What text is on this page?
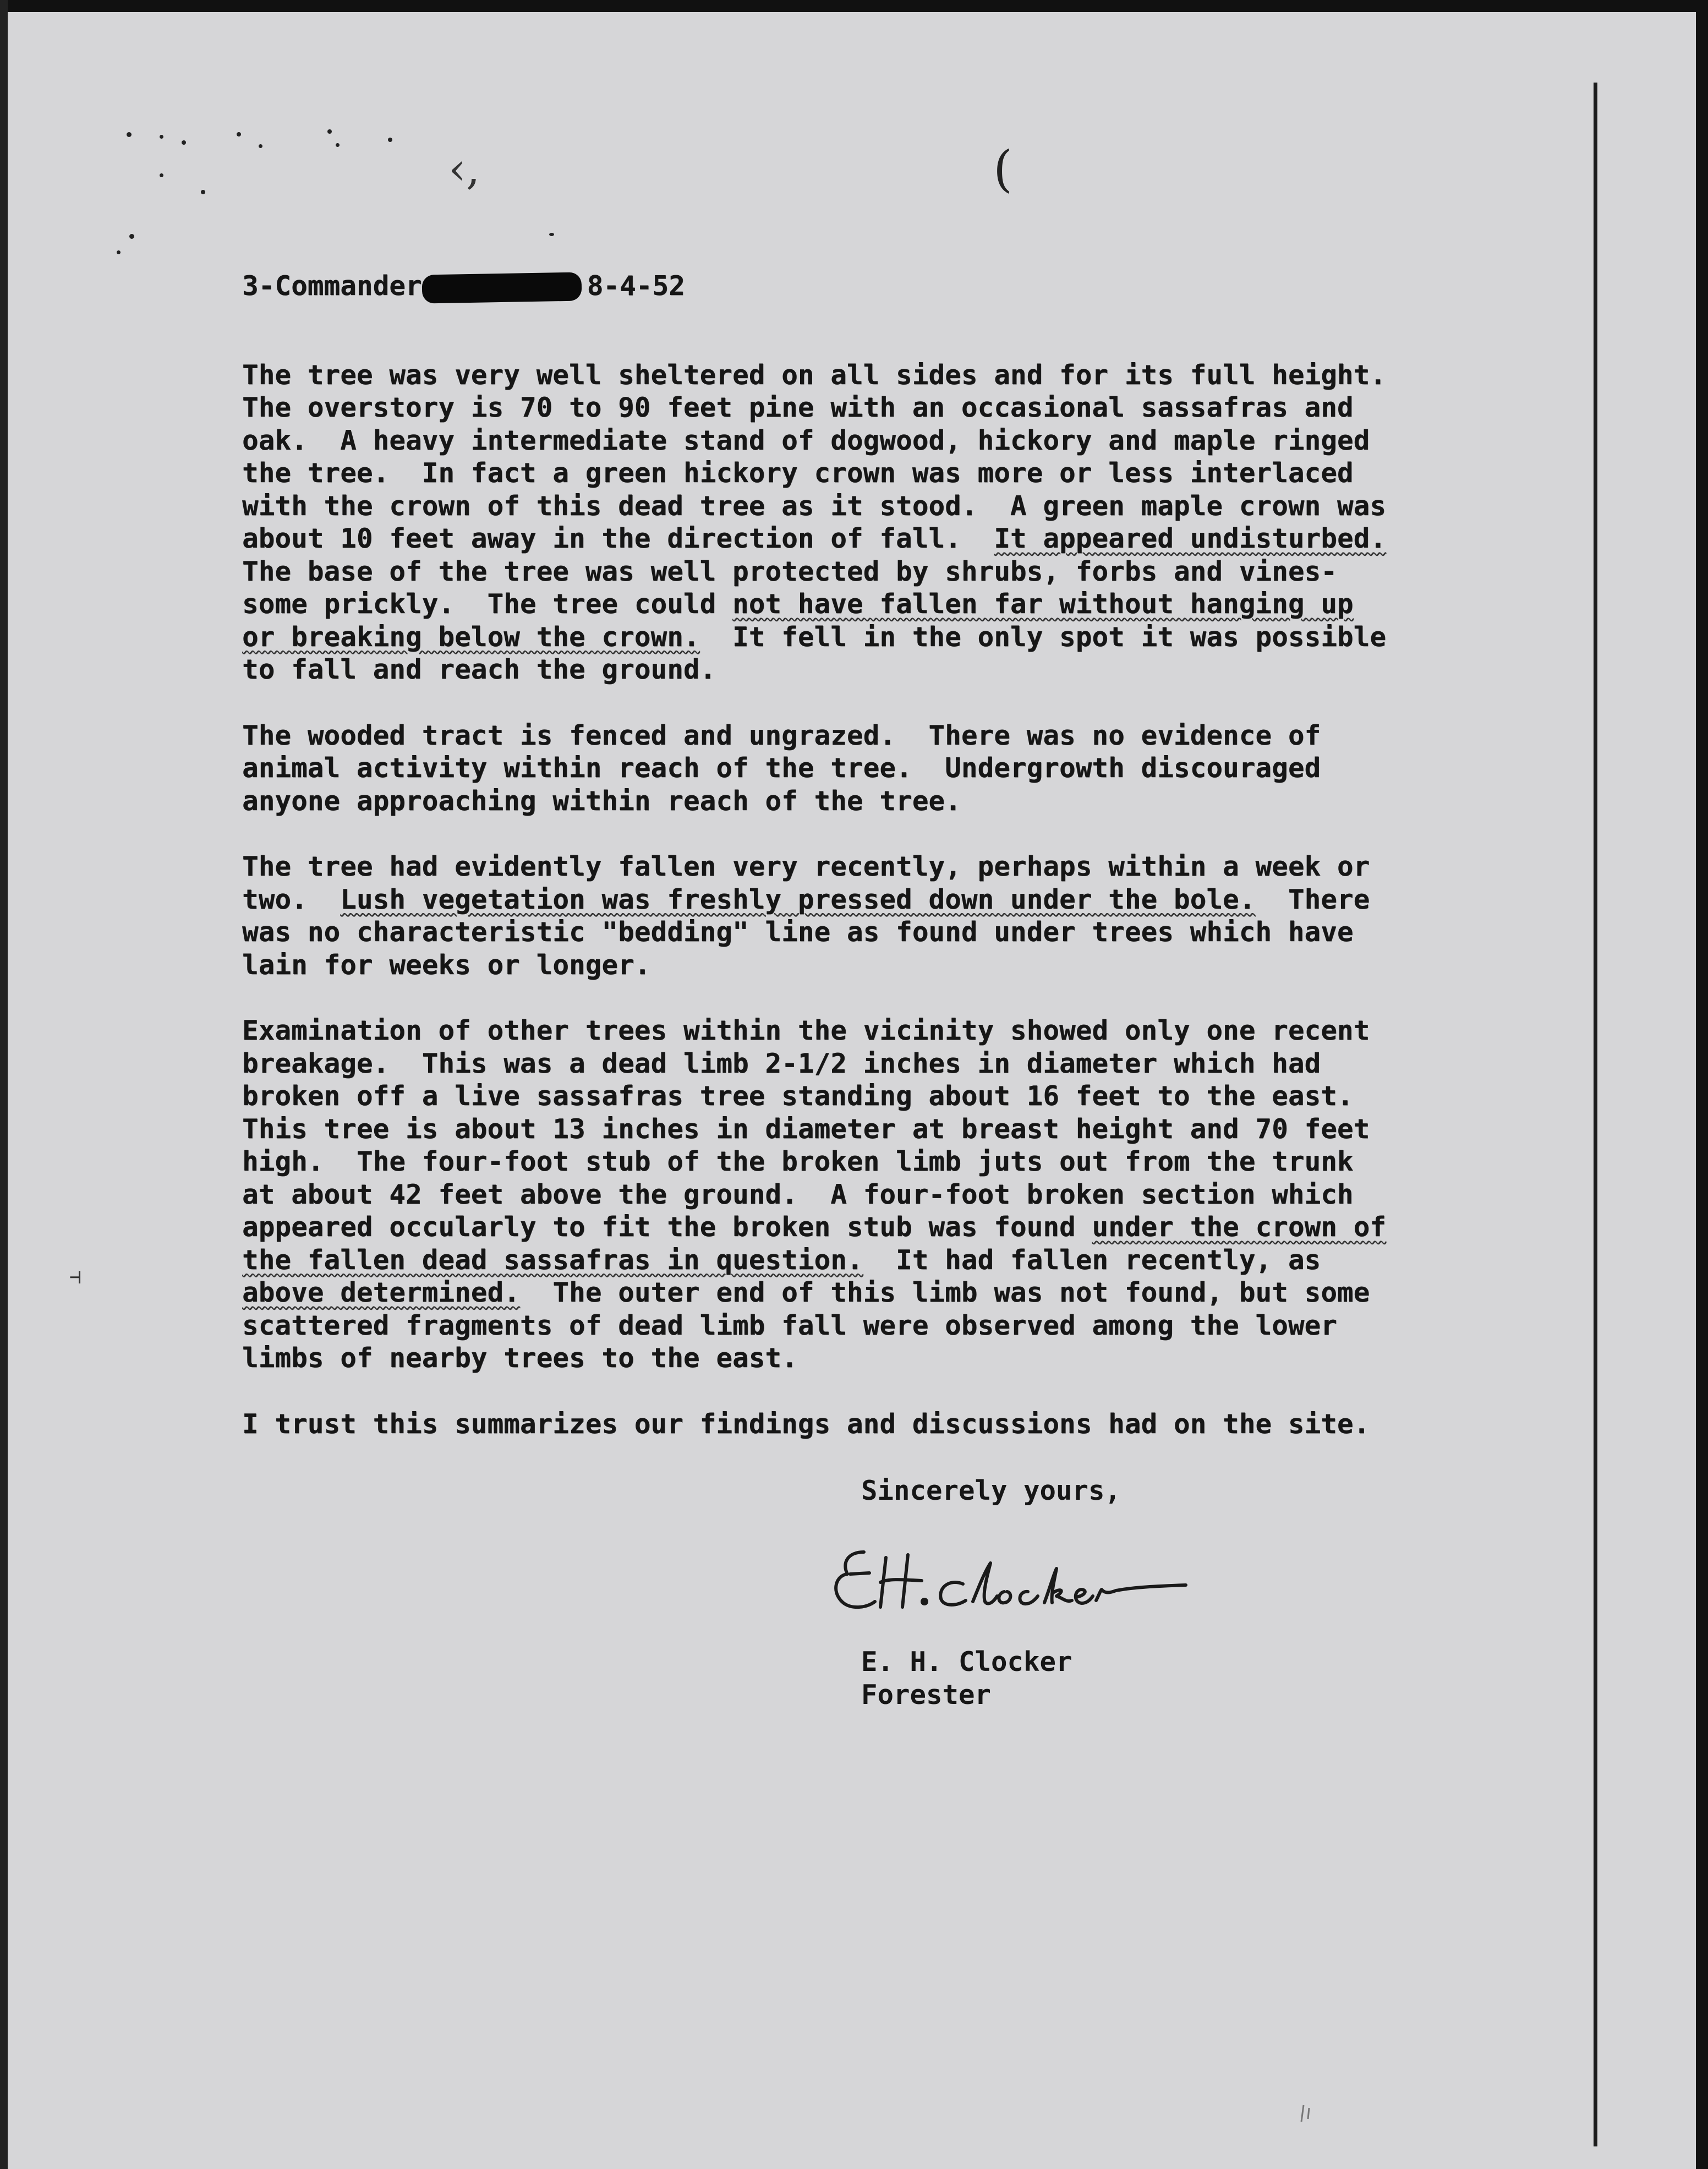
‹,	(
⊣
3-Commander	8-4-52
The tree was very well sheltered on all sides and for its full height.
The overstory is 70 to 90 feet pine with an occasional sassafras and
oak.  A heavy intermediate stand of dogwood, hickory and maple ringed
the tree.  In fact a green hickory crown was more or less interlaced
with the crown of this dead tree as it stood.  A green maple crown was
about 10 feet away in the direction of fall.  It appeared undisturbed.
The base of the tree was well protected by shrubs, forbs and vines-
some prickly.  The tree could not have fallen far without hanging up
or breaking below the crown.  It fell in the only spot it was possible
to fall and reach the ground.
The wooded tract is fenced and ungrazed.  There was no evidence of
animal activity within reach of the tree.  Undergrowth discouraged
anyone approaching within reach of the tree.
The tree had evidently fallen very recently, perhaps within a week or
two.  Lush vegetation was freshly pressed down under the bole.  There
was no characteristic "bedding" line as found under trees which have
lain for weeks or longer.
Examination of other trees within the vicinity showed only one recent
breakage.  This was a dead limb 2-1/2 inches in diameter which had
broken off a live sassafras tree standing about 16 feet to the east.
This tree is about 13 inches in diameter at breast height and 70 feet
high.  The four-foot stub of the broken limb juts out from the trunk
at about 42 feet above the ground.  A four-foot broken section which
appeared occularly to fit the broken stub was found under the crown of
the fallen dead sassafras in question.  It had fallen recently, as
above determined.  The outer end of this limb was not found, but some
scattered fragments of dead limb fall were observed among the lower
limbs of nearby trees to the east.
I trust this summarizes our findings and discussions had on the site.
Sincerely yours,
E. H. Clocker
Forester
